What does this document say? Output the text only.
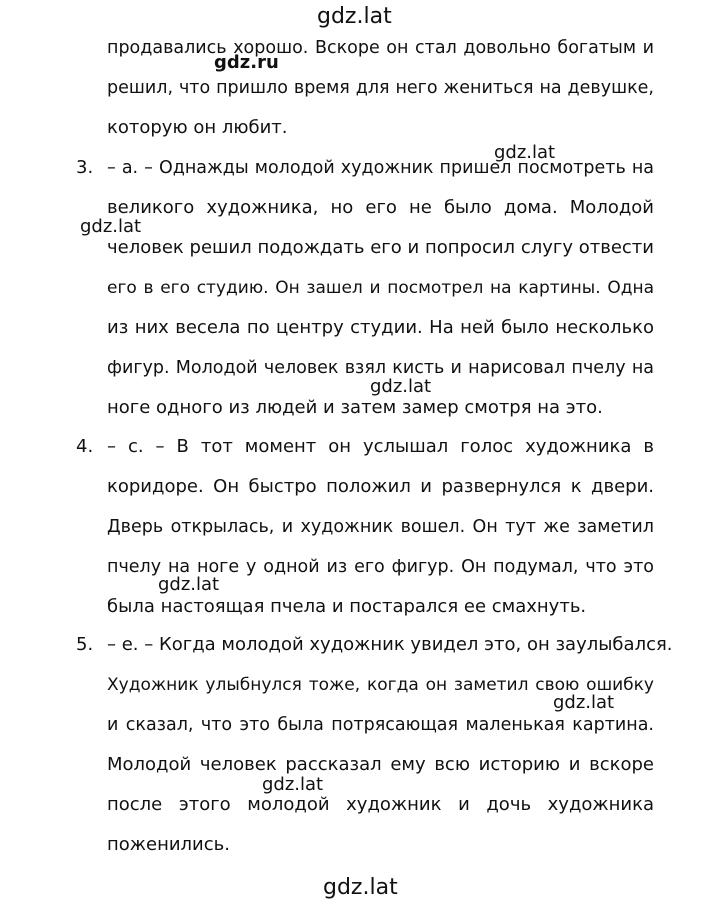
gdz.lat
gdz.ru
gdz.lat
gdz.lat
gdz.lat
gdz.lat
gdz.lat
gdz.lat
gdz.lat
продавались хорошо. Вскоре он стал довольно богатым и
решил, что пришло время для него жениться на девушке,
которую он любит.
3. – a. – Однажды молодой художник пришел посмотреть на
великого художника, но его не было дома. Молодой
человек решил подождать его и попросил слугу отвести
его в его студию. Он зашел и посмотрел на картины. Одна
из них весела по центру студии. На ней было несколько
фигур. Молодой человек взял кисть и нарисовал пчелу на
ноге одного из людей и затем замер смотря на это.
4. – c. – В тот момент он услышал голос художника в
коридоре. Он быстро положил и развернулся к двери.
Дверь открылась, и художник вошел. Он тут же заметил
пчелу на ноге у одной из его фигур. Он подумал, что это
была настоящая пчела и постарался ее смахнуть.
5. – e. – Когда молодой художник увидел это, он заулыбался.
Художник улыбнулся тоже, когда он заметил свою ошибку
и сказал, что это была потрясающая маленькая картина.
Молодой человек рассказал ему всю историю и вскоре
после этого молодой художник и дочь художника
поженились.
